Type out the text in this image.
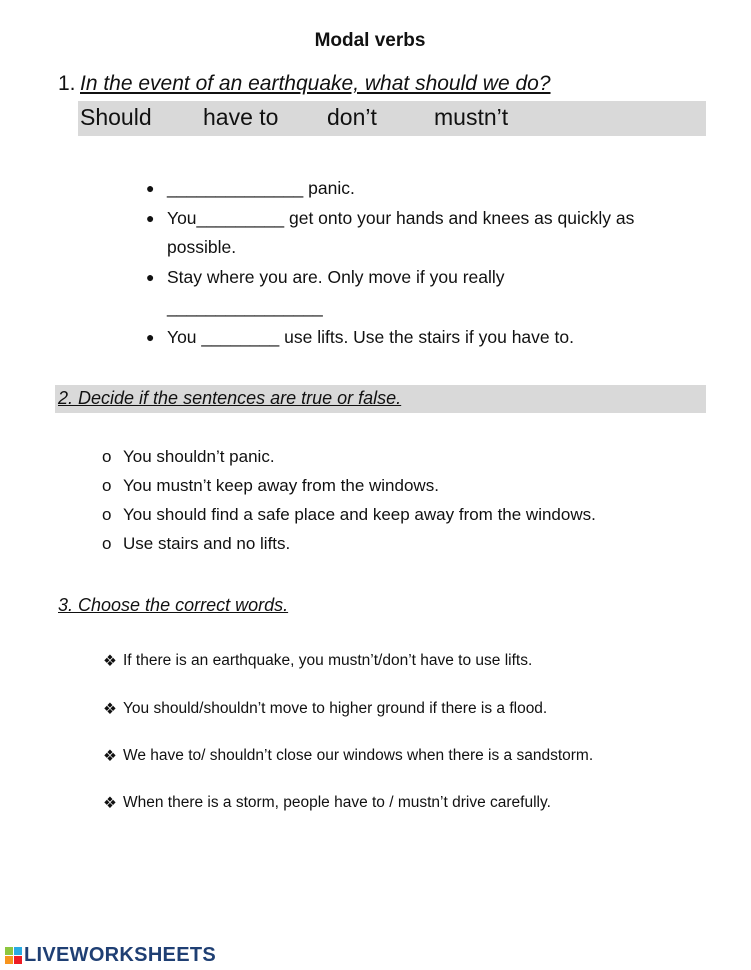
Modal verbs
1. In the event of an earthquake, what should we do?
Should have to don’t mustn’t
● ______________ panic.
● You_________ get onto your hands and knees as quickly as
possible.
● Stay where you are. Only move if you really
________________
● You ________ use lifts. Use the stairs if you have to.
2. Decide if the sentences are true or false.
o You shouldn’t panic.
o You mustn’t keep away from the windows.
o You should find a safe place and keep away from the windows.
o Use stairs and no lifts.
3. Choose the correct words.
❖ If there is an earthquake, you mustn’t/don’t have to use lifts.
❖ You should/shouldn’t move to higher ground if there is a flood.
❖ We have to/ shouldn’t close our windows when there is a sandstorm.
❖ When there is a storm, people have to / mustn’t drive carefully.
LIVEWORKSHEETS
